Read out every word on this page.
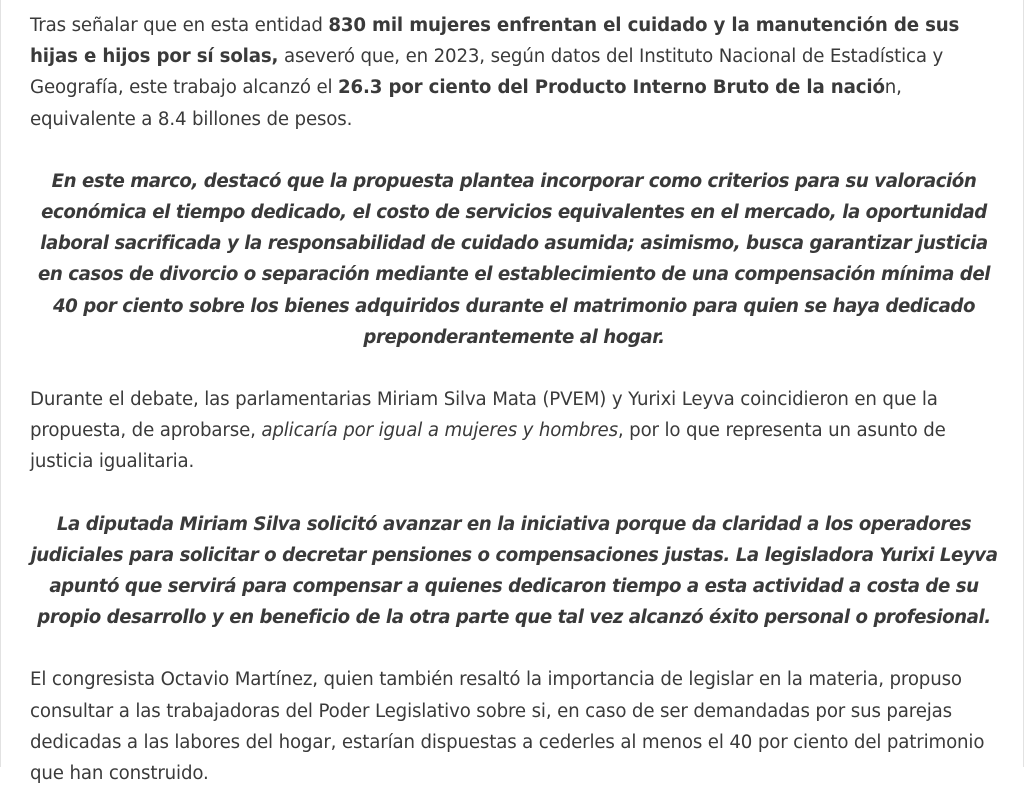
Tras señalar que en esta entidad 830 mil mujeres enfrentan el cuidado y la manutención de sus hijas e hijos por sí solas, aseveró que, en 2023, según datos del Instituto Nacional de Estadística y Geografía, este trabajo alcanzó el 26.3 por ciento del Producto Interno Bruto de la nación, equivalente a 8.4 billones de pesos.

En este marco, destacó que la propuesta plantea incorporar como criterios para su valoración económica el tiempo dedicado, el costo de servicios equivalentes en el mercado, la oportunidad laboral sacrificada y la responsabilidad de cuidado asumida; asimismo, busca garantizar justicia en casos de divorcio o separación mediante el establecimiento de una compensación mínima del 40 por ciento sobre los bienes adquiridos durante el matrimonio para quien se haya dedicado preponderantemente al hogar.

Durante el debate, las parlamentarias Miriam Silva Mata (PVEM) y Yurixi Leyva coincidieron en que la propuesta, de aprobarse, aplicaría por igual a mujeres y hombres, por lo que representa un asunto de justicia igualitaria.

La diputada Miriam Silva solicitó avanzar en la iniciativa porque da claridad a los operadores judiciales para solicitar o decretar pensiones o compensaciones justas. La legisladora Yurixi Leyva apuntó que servirá para compensar a quienes dedicaron tiempo a esta actividad a costa de su propio desarrollo y en beneficio de la otra parte que tal vez alcanzó éxito personal o profesional.

El congresista Octavio Martínez, quien también resaltó la importancia de legislar en la materia, propuso consultar a las trabajadoras del Poder Legislativo sobre si, en caso de ser demandadas por sus parejas dedicadas a las labores del hogar, estarían dispuestas a cederles al menos el 40 por ciento del patrimonio que han construido.
